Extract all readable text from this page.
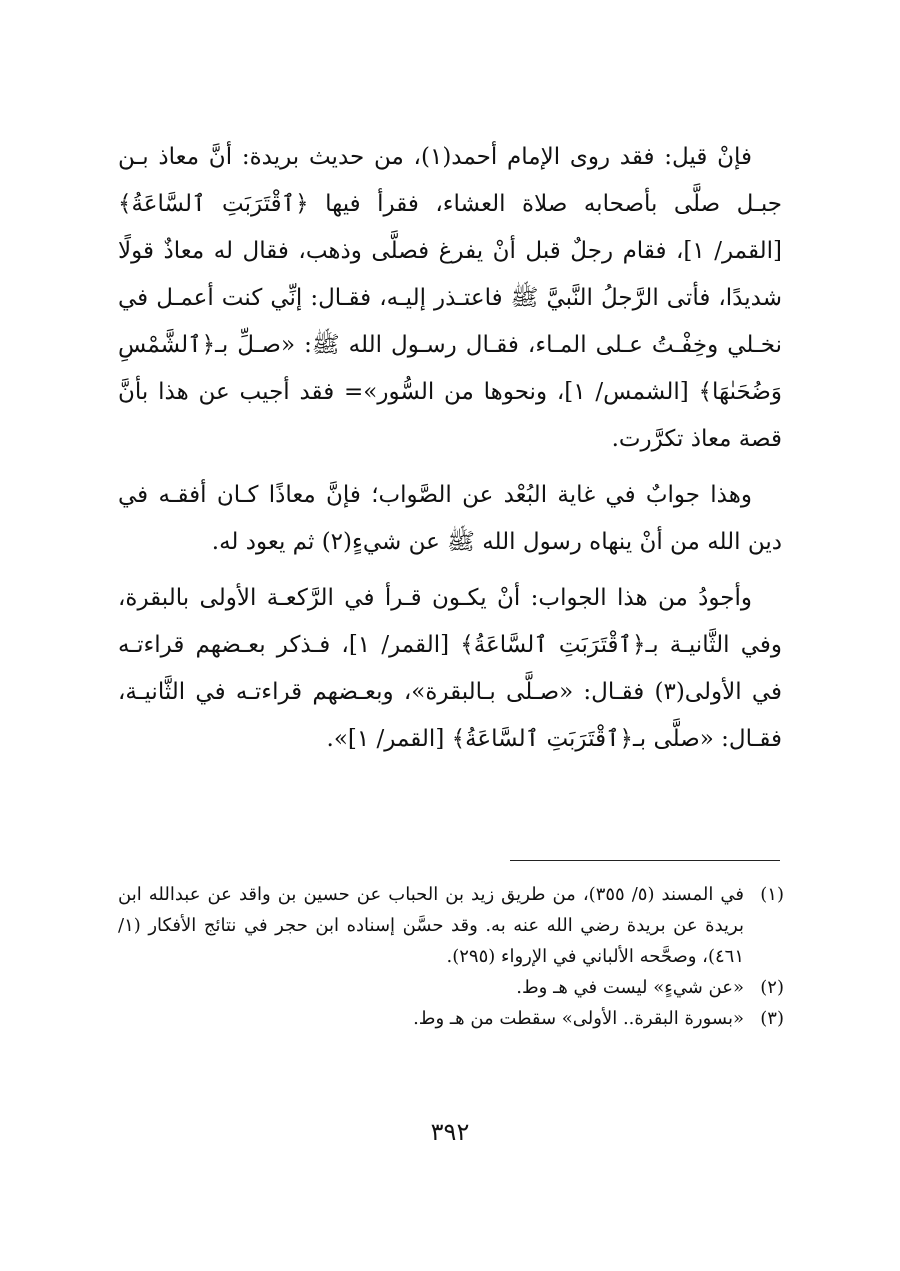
فإنْ قيل: فقد روى الإمام أحمد(١)، من حديث بريدة: أنَّ معاذ بـن جبـل صلَّى بأصحابه صلاة العشاء، فقرأ فيها ﴿ٱقْتَرَبَتِ ٱلسَّاعَةُ﴾ [القمر/ ١]، فقام رجلٌ قبل أنْ يفرغ فصلَّى وذهب، فقال له معاذٌ قولًا شديدًا، فأتى الرَّجلُ النَّبيَّ ﷺ فاعتـذر إليـه، فقـال: إنِّي كنت أعمـل في نخـلي وخِفْـتُ عـلى المـاء، فقـال رسـول الله ﷺ: «صـلِّ بـ﴿ٱلشَّمْسِ وَضُحَىٰهَا﴾ [الشمس/ ١]، ونحوها من السُّور»= فقد أجيب عن هذا بأنَّ قصة معاذ تكرَّرت.

وهذا جوابٌ في غاية البُعْد عن الصَّواب؛ فإنَّ معاذًا كـان أفقـه في دين الله من أنْ ينهاه رسول الله ﷺ عن شيءٍ(٢) ثم يعود له.

وأجودُ من هذا الجواب: أنْ يكـون قـرأ في الرَّكعـة الأولى بالبقرة، وفي الثَّانيـة بـ﴿ٱقْتَرَبَتِ ٱلسَّاعَةُ﴾ [القمر/ ١]، فـذكر بعـضهم قراءتـه في الأولى(٣) فقـال: «صـلَّى بـالبقرة»، وبعـضهم قراءتـه في الثَّانيـة، فقـال: «صلَّى بـ﴿ٱقْتَرَبَتِ ٱلسَّاعَةُ﴾ [القمر/ ١]».

(١)
في المسند (٥/ ٣٥٥)، من طريق زيد بن الحباب عن حسين بن واقد عن عبدالله ابن بريدة عن بريدة رضي الله عنه به. وقد حسَّن إسناده ابن حجر في نتائج الأفكار (١/ ٤٦١)، وصحَّحه الألباني في الإرواء (٢٩٥).
(٢)
«عن شيءٍ» ليست في هـ وط.
(٣)
«بسورة البقرة.. الأولى» سقطت من هـ وط.
٣٩٢
